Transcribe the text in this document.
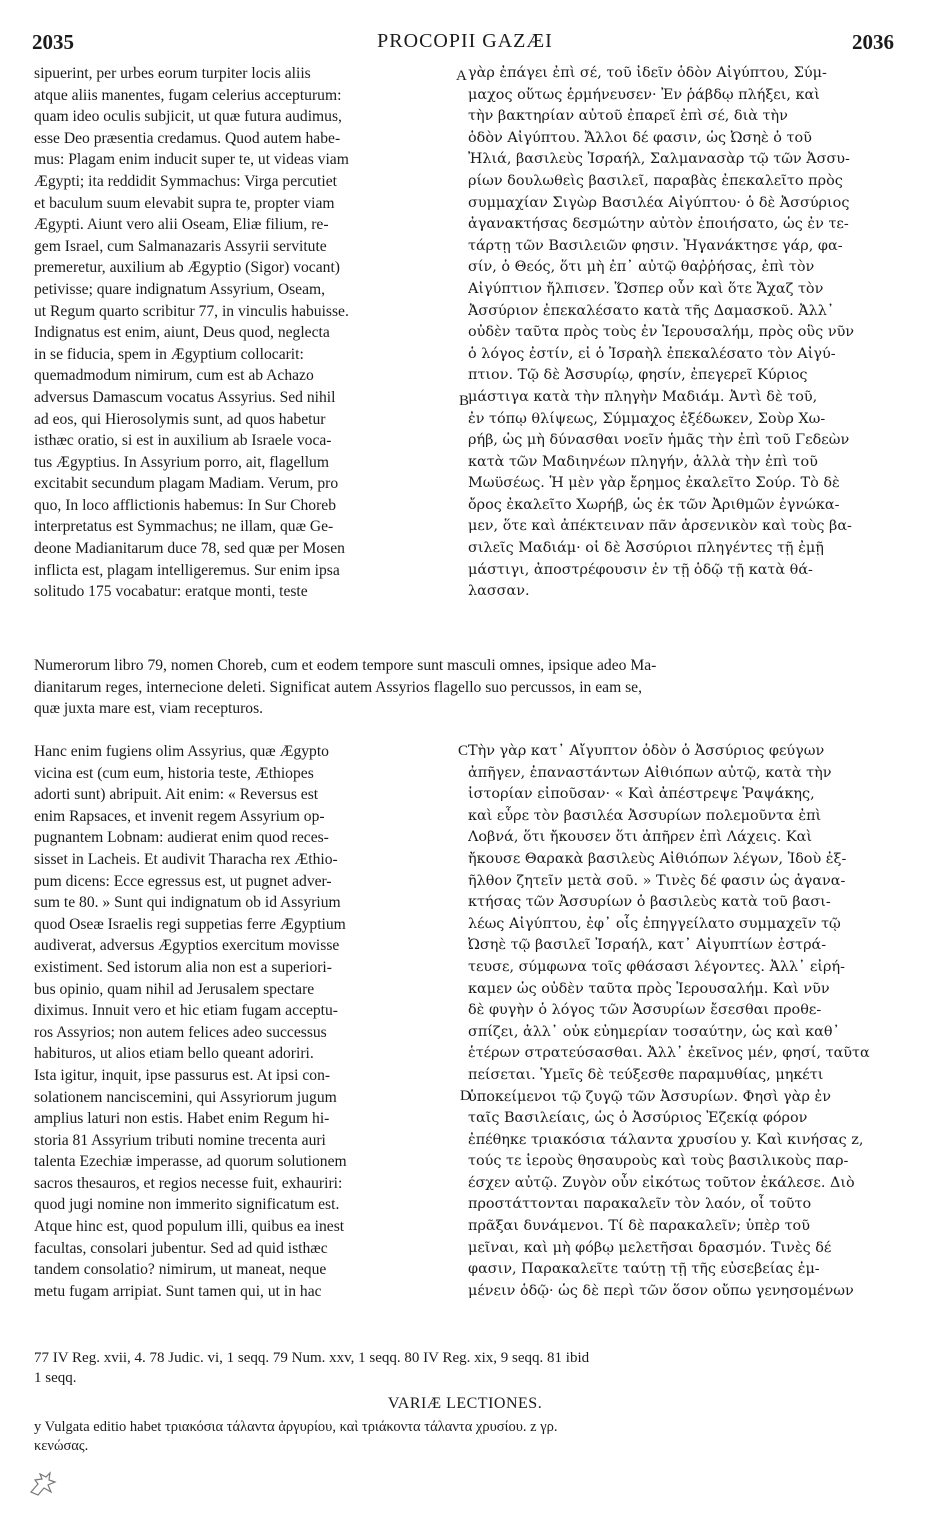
2035	PROCOPII GAZÆI	2036
A
B
C
D
sipuerint, per urbes eorum turpiter locis aliis
atque aliis manentes, fugam celerius accepturum:
quam ideo oculis subjicit, ut quæ futura audimus,
esse Deo præsentia credamus. Quod autem habe-
mus: Plagam enim inducit super te, ut videas viam
Ægypti; ita reddidit Symmachus: Virga percutiet
et baculum suum elevabit supra te, propter viam
Ægypti. Aiunt vero alii Oseam, Eliæ filium, re-
gem Israel, cum Salmanazaris Assyrii servitute
premeretur, auxilium ab Ægyptio (Sigor) vocant)
petivisse; quare indignatum Assyrium, Oseam,
ut Regum quarto scribitur 77, in vinculis habuisse.
Indignatus est enim, aiunt, Deus quod, neglecta
in se fiducia, spem in Ægyptium collocarit:
quemadmodum nimirum, cum est ab Achazo
adversus Damascum vocatus Assyrius. Sed nihil
ad eos, qui Hierosolymis sunt, ad quos habetur
isthæc oratio, si est in auxilium ab Israele voca-
tus Ægyptius. In Assyrium porro, ait, flagellum
excitabit secundum plagam Madiam. Verum, pro
quo, In loco afflictionis habemus: In Sur Choreb
interpretatus est Symmachus; ne illam, quæ Ge-
deone Madianitarum duce 78, sed quæ per Mosen
inflicta est, plagam intelligeremus. Sur enim ipsa
solitudo 175 vocabatur: eratque monti, teste
γὰρ ἐπάγει ἐπὶ σέ, τοῦ ἰδεῖν ὁδὸν Αἰγύπτου, Σύμ-
μαχος οὕτως ἑρμήνευσεν· Ἐν ῥάβδῳ πλήξει, καὶ
τὴν βακτηρίαν αὐτοῦ ἐπαρεῖ ἐπὶ σέ, διὰ τὴν
ὁδὸν Αἰγύπτου. Ἄλλοι δέ φασιν, ὡς Ὠσηὲ ὁ τοῦ
Ἠλιά, βασιλεὺς Ἰσραήλ, Σαλμανασὰρ τῷ τῶν Ἀσσυ-
ρίων δουλωθεὶς βασιλεῖ, παραβὰς ἐπεκαλεῖτο πρὸς
συμμαχίαν Σιγὼρ Βασιλέα Αἰγύπτου· ὁ δὲ Ἀσσύριος
ἀγανακτήσας δεσμώτην αὐτὸν ἐποιήσατο, ὡς ἐν τε-
τάρτῃ τῶν Βασιλειῶν φησιν. Ἠγανάκτησε γάρ, φα-
σίν, ὁ Θεός, ὅτι μὴ ἐπ᾽ αὐτῷ θαῤῥήσας, ἐπὶ τὸν
Αἰγύπτιον ἤλπισεν. Ὥσπερ οὖν καὶ ὅτε Ἄχαζ τὸν
Ἀσσύριον ἐπεκαλέσατο κατὰ τῆς Δαμασκοῦ. Ἀλλ᾽
οὐδὲν ταῦτα πρὸς τοὺς ἐν Ἱερουσαλήμ, πρὸς οὓς νῦν
ὁ λόγος ἐστίν, εἰ ὁ Ἰσραὴλ ἐπεκαλέσατο τὸν Αἰγύ-
πτιον. Τῷ δὲ Ἀσσυρίῳ, φησίν, ἐπεγερεῖ Κύριος
μάστιγα κατὰ τὴν πληγὴν Μαδιάμ. Ἀντὶ δὲ τοῦ,
ἐν τόπῳ θλίψεως, Σύμμαχος ἐξέδωκεν, Σοὺρ Χω-
ρήβ, ὡς μὴ δύνασθαι νοεῖν ἡμᾶς τὴν ἐπὶ τοῦ Γεδεὼν
κατὰ τῶν Μαδιηνέων πληγήν, ἀλλὰ τὴν ἐπὶ τοῦ
Μωϋσέως. Ἡ μὲν γὰρ ἔρημος ἐκαλεῖτο Σούρ. Τὸ δὲ
ὄρος ἐκαλεῖτο Χωρήβ, ὡς ἐκ τῶν Ἀριθμῶν ἐγνώκα-
μεν, ὅτε καὶ ἀπέκτειναν πᾶν ἀρσενικὸν καὶ τοὺς βα-
σιλεῖς Μαδιάμ· οἱ δὲ Ἀσσύριοι πληγέντες τῇ ἐμῇ
μάστιγι, ἀποστρέφουσιν ἐν τῇ ὁδῷ τῇ κατὰ θά-
λασσαν.
Numerorum libro 79, nomen Choreb, cum et eodem tempore sunt masculi omnes, ipsique adeo Ma-
dianitarum reges, internecione deleti. Significat autem Assyrios flagello suo percussos, in eam se,
quæ juxta mare est, viam recepturos.
Hanc enim fugiens olim Assyrius, quæ Ægypto
vicina est (cum eum, historia teste, Æthiopes
adorti sunt) abripuit. Ait enim: « Reversus est
enim Rapsaces, et invenit regem Assyrium op-
pugnantem Lobnam: audierat enim quod reces-
sisset in Lacheis. Et audivit Tharacha rex Æthio-
pum dicens: Ecce egressus est, ut pugnet adver-
sum te 80. » Sunt qui indignatum ob id Assyrium
quod Oseæ Israelis regi suppetias ferre Ægyptium
audiverat, adversus Ægyptios exercitum movisse
existiment. Sed istorum alia non est a superiori-
bus opinio, quam nihil ad Jerusalem spectare
diximus. Innuit vero et hic etiam fugam acceptu-
ros Assyrios; non autem felices adeo successus
habituros, ut alios etiam bello queant adoriri.
Ista igitur, inquit, ipse passurus est. At ipsi con-
solationem nanciscemini, qui Assyriorum jugum
amplius laturi non estis. Habet enim Regum hi-
storia 81 Assyrium tributi nomine trecenta auri
talenta Ezechiæ imperasse, ad quorum solutionem
sacros thesauros, et regios necesse fuit, exhauriri:
quod jugi nomine non immerito significatum est.
Atque hinc est, quod populum illi, quibus ea inest
facultas, consolari jubentur. Sed ad quid isthæc
tandem consolatio? nimirum, ut maneat, neque
metu fugam arripiat. Sunt tamen qui, ut in hac
Τὴν γὰρ κατ᾽ Αἴγυπτον ὁδὸν ὁ Ἀσσύριος φεύγων
ἀπῆγεν, ἐπαναστάντων Αἰθιόπων αὐτῷ, κατὰ τὴν
ἱστορίαν εἰποῦσαν· « Καὶ ἀπέστρεψε Ῥαψάκης,
καὶ εὗρε τὸν βασιλέα Ἀσσυρίων πολεμοῦντα ἐπὶ
Λοβνά, ὅτι ἤκουσεν ὅτι ἀπῆρεν ἐπὶ Λάχεις. Καὶ
ἤκουσε Θαρακὰ βασιλεὺς Αἰθιόπων λέγων, Ἰδοὺ ἐξ-
ῆλθον ζητεῖν μετὰ σοῦ. » Τινὲς δέ φασιν ὡς ἀγανα-
κτήσας τῶν Ἀσσυρίων ὁ βασιλεὺς κατὰ τοῦ βασι-
λέως Αἰγύπτου, ἐφ᾽ οἷς ἐπηγγείλατο συμμαχεῖν τῷ
Ὠσηὲ τῷ βασιλεῖ Ἰσραήλ, κατ᾽ Αἰγυπτίων ἐστρά-
τευσε, σύμφωνα τοῖς φθάσασι λέγοντες. Ἀλλ᾽ εἰρή-
καμεν ὡς οὐδὲν ταῦτα πρὸς Ἱερουσαλήμ. Καὶ νῦν
δὲ φυγὴν ὁ λόγος τῶν Ἀσσυρίων ἔσεσθαι προθε-
σπίζει, ἀλλ᾽ οὐκ εὐημερίαν τοσαύτην, ὡς καὶ καθ᾽
ἑτέρων στρατεύσασθαι. Ἀλλ᾽ ἐκεῖνος μέν, φησί, ταῦτα
πείσεται. Ὑμεῖς δὲ τεύξεσθε παραμυθίας, μηκέτι
ὑποκείμενοι τῷ ζυγῷ τῶν Ἀσσυρίων. Φησὶ γὰρ ἐν
ταῖς Βασιλείαις, ὡς ὁ Ἀσσύριος Ἐζεκίᾳ φόρον
ἐπέθηκε τριακόσια τάλαντα χρυσίου y. Καὶ κινήσας z,
τούς τε ἱεροὺς θησαυροὺς καὶ τοὺς βασιλικοὺς παρ-
έσχεν αὐτῷ. Ζυγὸν οὖν εἰκότως τοῦτον ἐκάλεσε. Διὸ
προστάττονται παρακαλεῖν τὸν λαόν, οἷ τοῦτο
πρᾶξαι δυνάμενοι. Τί δὲ παρακαλεῖν; ὑπὲρ τοῦ
μεῖναι, καὶ μὴ φόβῳ μελετῆσαι δρασμόν. Τινὲς δέ
φασιν, Παρακαλεῖτε ταύτῃ τῇ τῆς εὐσεβείας ἐμ-
μένειν ὁδῷ· ὡς δὲ περὶ τῶν ὅσον οὔπω γενησομένων
77 IV Reg. xvii, 4. 78 Judic. vi, 1 seqq. 79 Num. xxv, 1 seqq. 80 IV Reg. xix, 9 seqq. 81 ibid
1 seqq.
VARIÆ LECTIONES.
y Vulgata editio habet τριακόσια τάλαντα ἀργυρίου, καὶ τριάκοντα τάλαντα χρυσίου. z γρ.
κενώσας.
